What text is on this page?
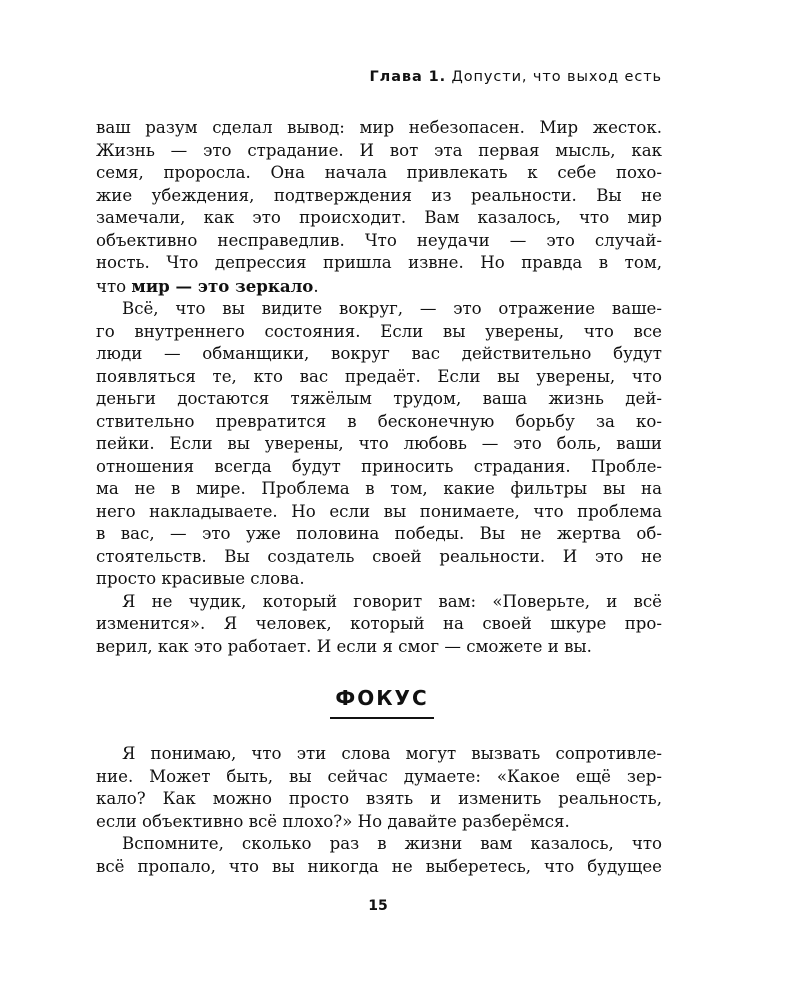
Глава 1. Допусти, что выход есть

ваш разум сделал вывод: мир небезопасен. Мир жесток.
Жизнь — это страдание. И вот эта первая мысль, как
семя, проросла. Она начала привлекать к себе похо-
жие убеждения, подтверждения из реальности. Вы не
замечали, как это происходит. Вам казалось, что мир
объективно несправедлив. Что неудачи — это случай-
ность. Что депрессия пришла извне. Но правда в том,
что мир — это зеркало.

Всё, что вы видите вокруг, — это отражение ваше-
го внутреннего состояния. Если вы уверены, что все
люди — обманщики, вокруг вас действительно будут
появляться те, кто вас предаёт. Если вы уверены, что
деньги достаются тяжёлым трудом, ваша жизнь дей-
ствительно превратится в бесконечную борьбу за ко-
пейки. Если вы уверены, что любовь — это боль, ваши
отношения всегда будут приносить страдания. Пробле-
ма не в мире. Проблема в том, какие фильтры вы на
него накладываете. Но если вы понимаете, что проблема
в вас, — это уже половина победы. Вы не жертва об-
стоятельств. Вы создатель своей реальности. И это не
просто красивые слова.

Я не чудик, который говорит вам: «Поверьте, и всё
изменится». Я человек, который на своей шкуре про-
верил, как это работает. И если я смог — сможете и вы.

ФОКУС

Я понимаю, что эти слова могут вызвать сопротивле-
ние. Может быть, вы сейчас думаете: «Какое ещё зер-
кало? Как можно просто взять и изменить реальность,
если объективно всё плохо?» Но давайте разберёмся.

Вспомните, сколько раз в жизни вам казалось, что
всё пропало, что вы никогда не выберетесь, что будущее

15
